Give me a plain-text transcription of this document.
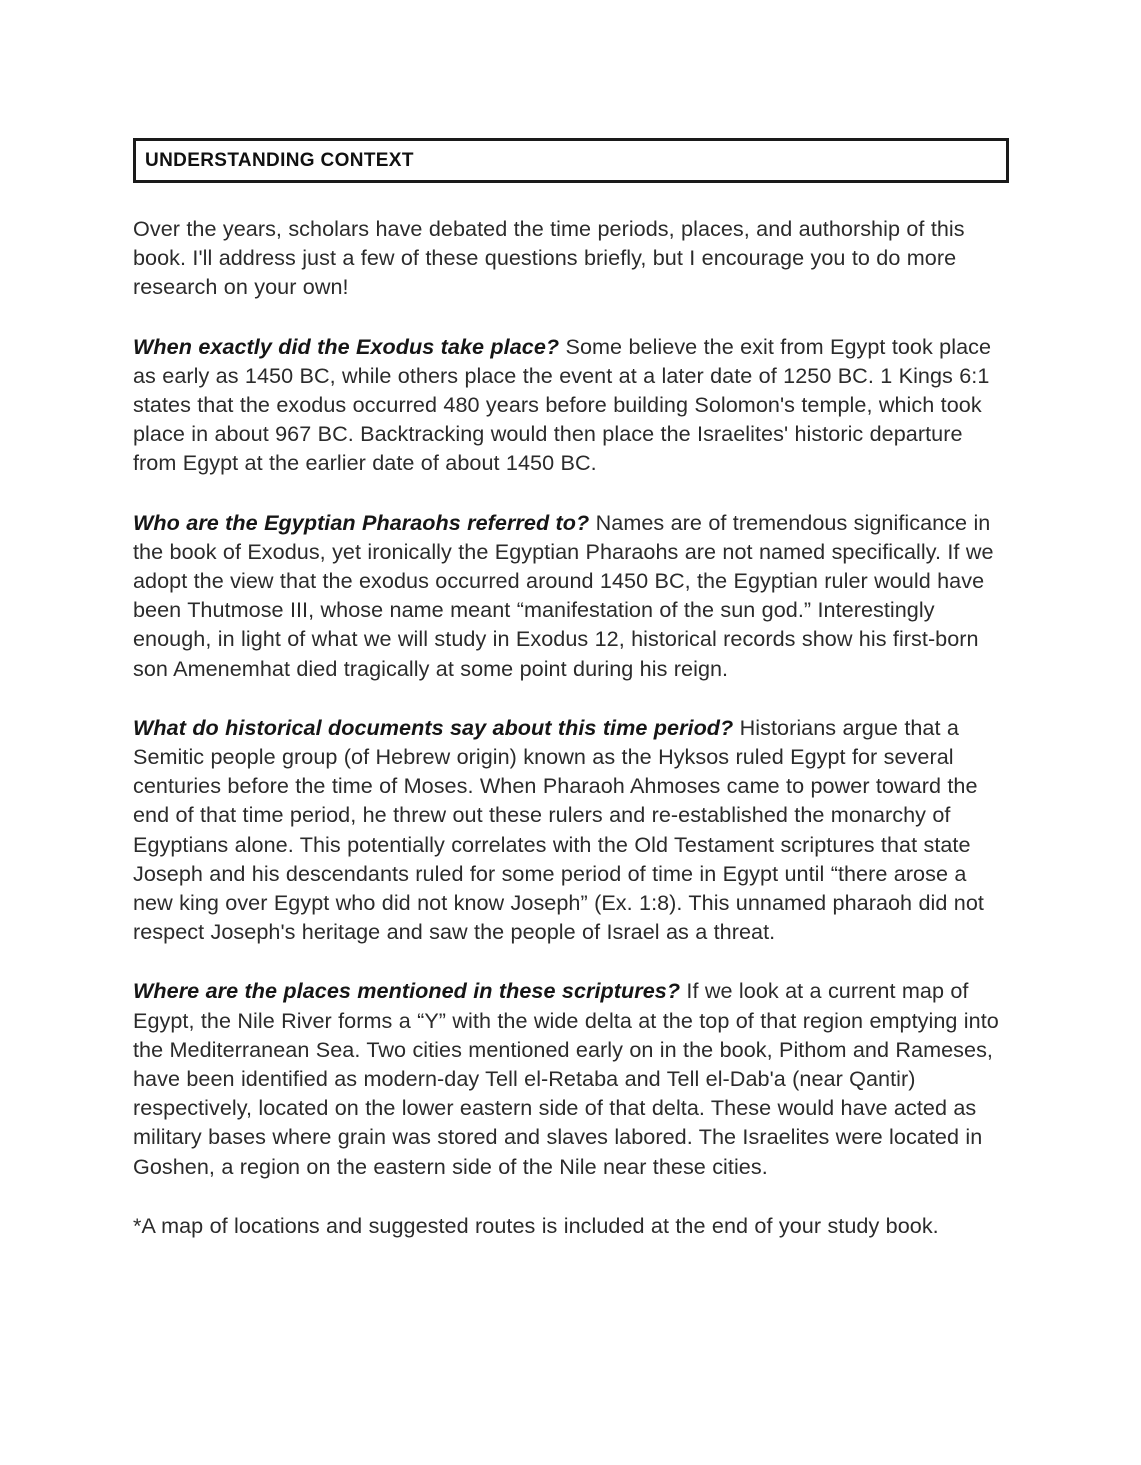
UNDERSTANDING CONTEXT

Over the years, scholars have debated the time periods, places, and authorship of this book. I'll address just a few of these questions briefly, but I encourage you to do more research on your own!

When exactly did the Exodus take place? Some believe the exit from Egypt took place as early as 1450 BC, while others place the event at a later date of 1250 BC. 1 Kings 6:1 states that the exodus occurred 480 years before building Solomon's temple, which took place in about 967 BC. Backtracking would then place the Israelites' historic departure from Egypt at the earlier date of about 1450 BC.

Who are the Egyptian Pharaohs referred to? Names are of tremendous significance in the book of Exodus, yet ironically the Egyptian Pharaohs are not named specifically. If we adopt the view that the exodus occurred around 1450 BC, the Egyptian ruler would have been Thutmose III, whose name meant “manifestation of the sun god.” Interestingly enough, in light of what we will study in Exodus 12, historical records show his first-born son Amenemhat died tragically at some point during his reign.

What do historical documents say about this time period? Historians argue that a Semitic people group (of Hebrew origin) known as the Hyksos ruled Egypt for several centuries before the time of Moses. When Pharaoh Ahmoses came to power toward the end of that time period, he threw out these rulers and re-established the monarchy of Egyptians alone. This potentially correlates with the Old Testament scriptures that state Joseph and his descendants ruled for some period of time in Egypt until “there arose a new king over Egypt who did not know Joseph” (Ex. 1:8). This unnamed pharaoh did not respect Joseph's heritage and saw the people of Israel as a threat.

Where are the places mentioned in these scriptures? If we look at a current map of Egypt, the Nile River forms a “Y” with the wide delta at the top of that region emptying into the Mediterranean Sea. Two cities mentioned early on in the book, Pithom and Rameses, have been identified as modern-day Tell el-Retaba and Tell el-Dab'a (near Qantir) respectively, located on the lower eastern side of that delta. These would have acted as military bases where grain was stored and slaves labored. The Israelites were located in Goshen, a region on the eastern side of the Nile near these cities.

*A map of locations and suggested routes is included at the end of your study book.
